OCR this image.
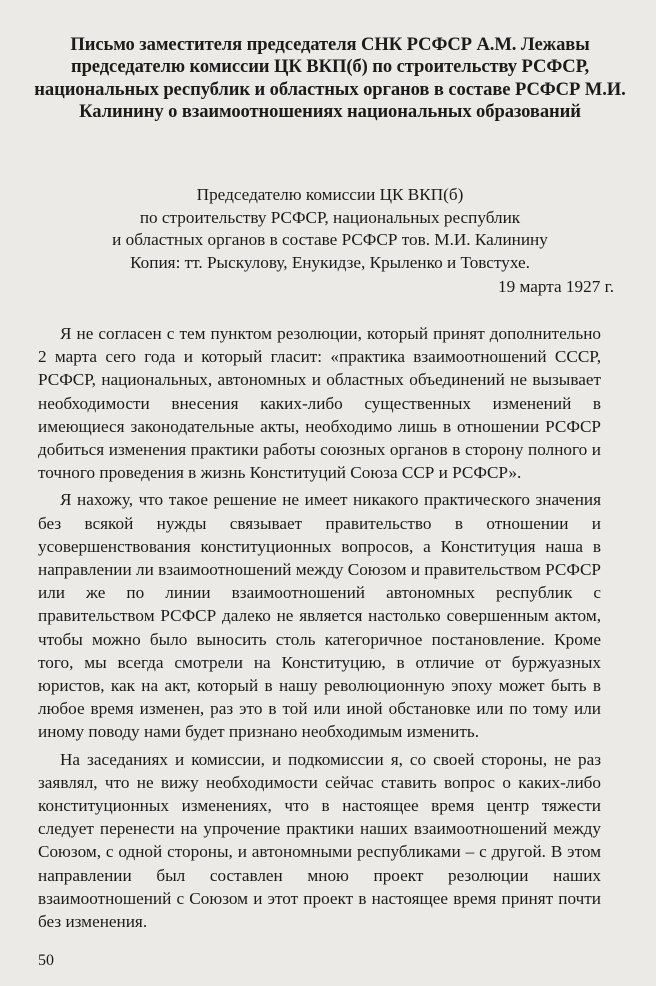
Письмо заместителя председателя СНК РСФСР А.М. Лежавы председателю комиссии ЦК ВКП(б) по строительству РСФСР, национальных республик и областных органов в составе РСФСР М.И. Калинину о взаимоотношениях национальных образований
Председателю комиссии ЦК ВКП(б)
по строительству РСФСР, национальных республик
и областных органов в составе РСФСР тов. М.И. Калинину
Копия: тт. Рыскулову, Енукидзе, Крыленко и Товстухе.
19 марта 1927 г.

Я не согласен с тем пунктом резолюции, который принят дополнительно 2 марта сего года и который гласит: «практика взаимоотношений СССР, РСФСР, национальных, автономных и областных объединений не вызывает необходимости внесения каких-либо существенных изменений в имеющиеся законодательные акты, необходимо лишь в отношении РСФСР добиться изменения практики работы союзных органов в сторону полного и точного проведения в жизнь Конституций Союза ССР и РСФСР».

Я нахожу, что такое решение не имеет никакого практического значения без всякой нужды связывает правительство в отношении и усовершенствования конституционных вопросов, а Конституция наша в направлении ли взаимоотношений между Союзом и правительством РСФСР или же по линии взаимоотношений автономных республик с правительством РСФСР далеко не является настолько совершенным актом, чтобы можно было выносить столь категоричное постановление. Кроме того, мы всегда смотрели на Конституцию, в отличие от буржуазных юристов, как на акт, который в нашу революционную эпоху может быть в любое время изменен, раз это в той или иной обстановке или по тому или иному поводу нами будет признано необходимым изменить.

На заседаниях и комиссии, и подкомиссии я, со своей стороны, не раз заявлял, что не вижу необходимости сейчас ставить вопрос о каких-либо конституционных изменениях, что в настоящее время центр тяжести следует перенести на упрочение практики наших взаимоотношений между Союзом, с одной стороны, и автономными республиками – с другой. В этом направлении был составлен мною проект резолюции наших взаимоотношений с Союзом и этот проект в настоящее время принят почти без изменения.

50
